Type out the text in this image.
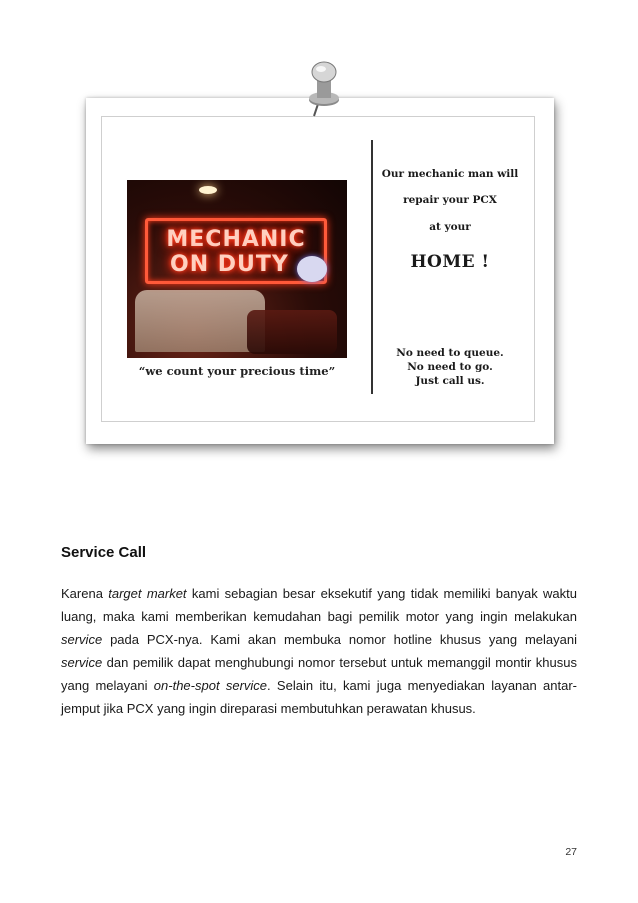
MECHANIC
ON DUTY
“we count your precious time”
Our mechanic man will
repair your PCX
at your
HOME !
No need to queue.
No need to go.
Just call us.
Service Call
Karena target market kami sebagian besar eksekutif yang tidak memiliki banyak waktu luang, maka kami memberikan kemudahan bagi pemilik motor yang ingin melakukan service pada PCX-nya. Kami akan membuka nomor hotline khusus yang melayani service dan pemilik dapat menghubungi nomor tersebut untuk memanggil montir khusus yang melayani on-the-spot service. Selain itu, kami juga menyediakan layanan antar-jemput jika PCX yang ingin direparasi membutuhkan perawatan khusus.
27
